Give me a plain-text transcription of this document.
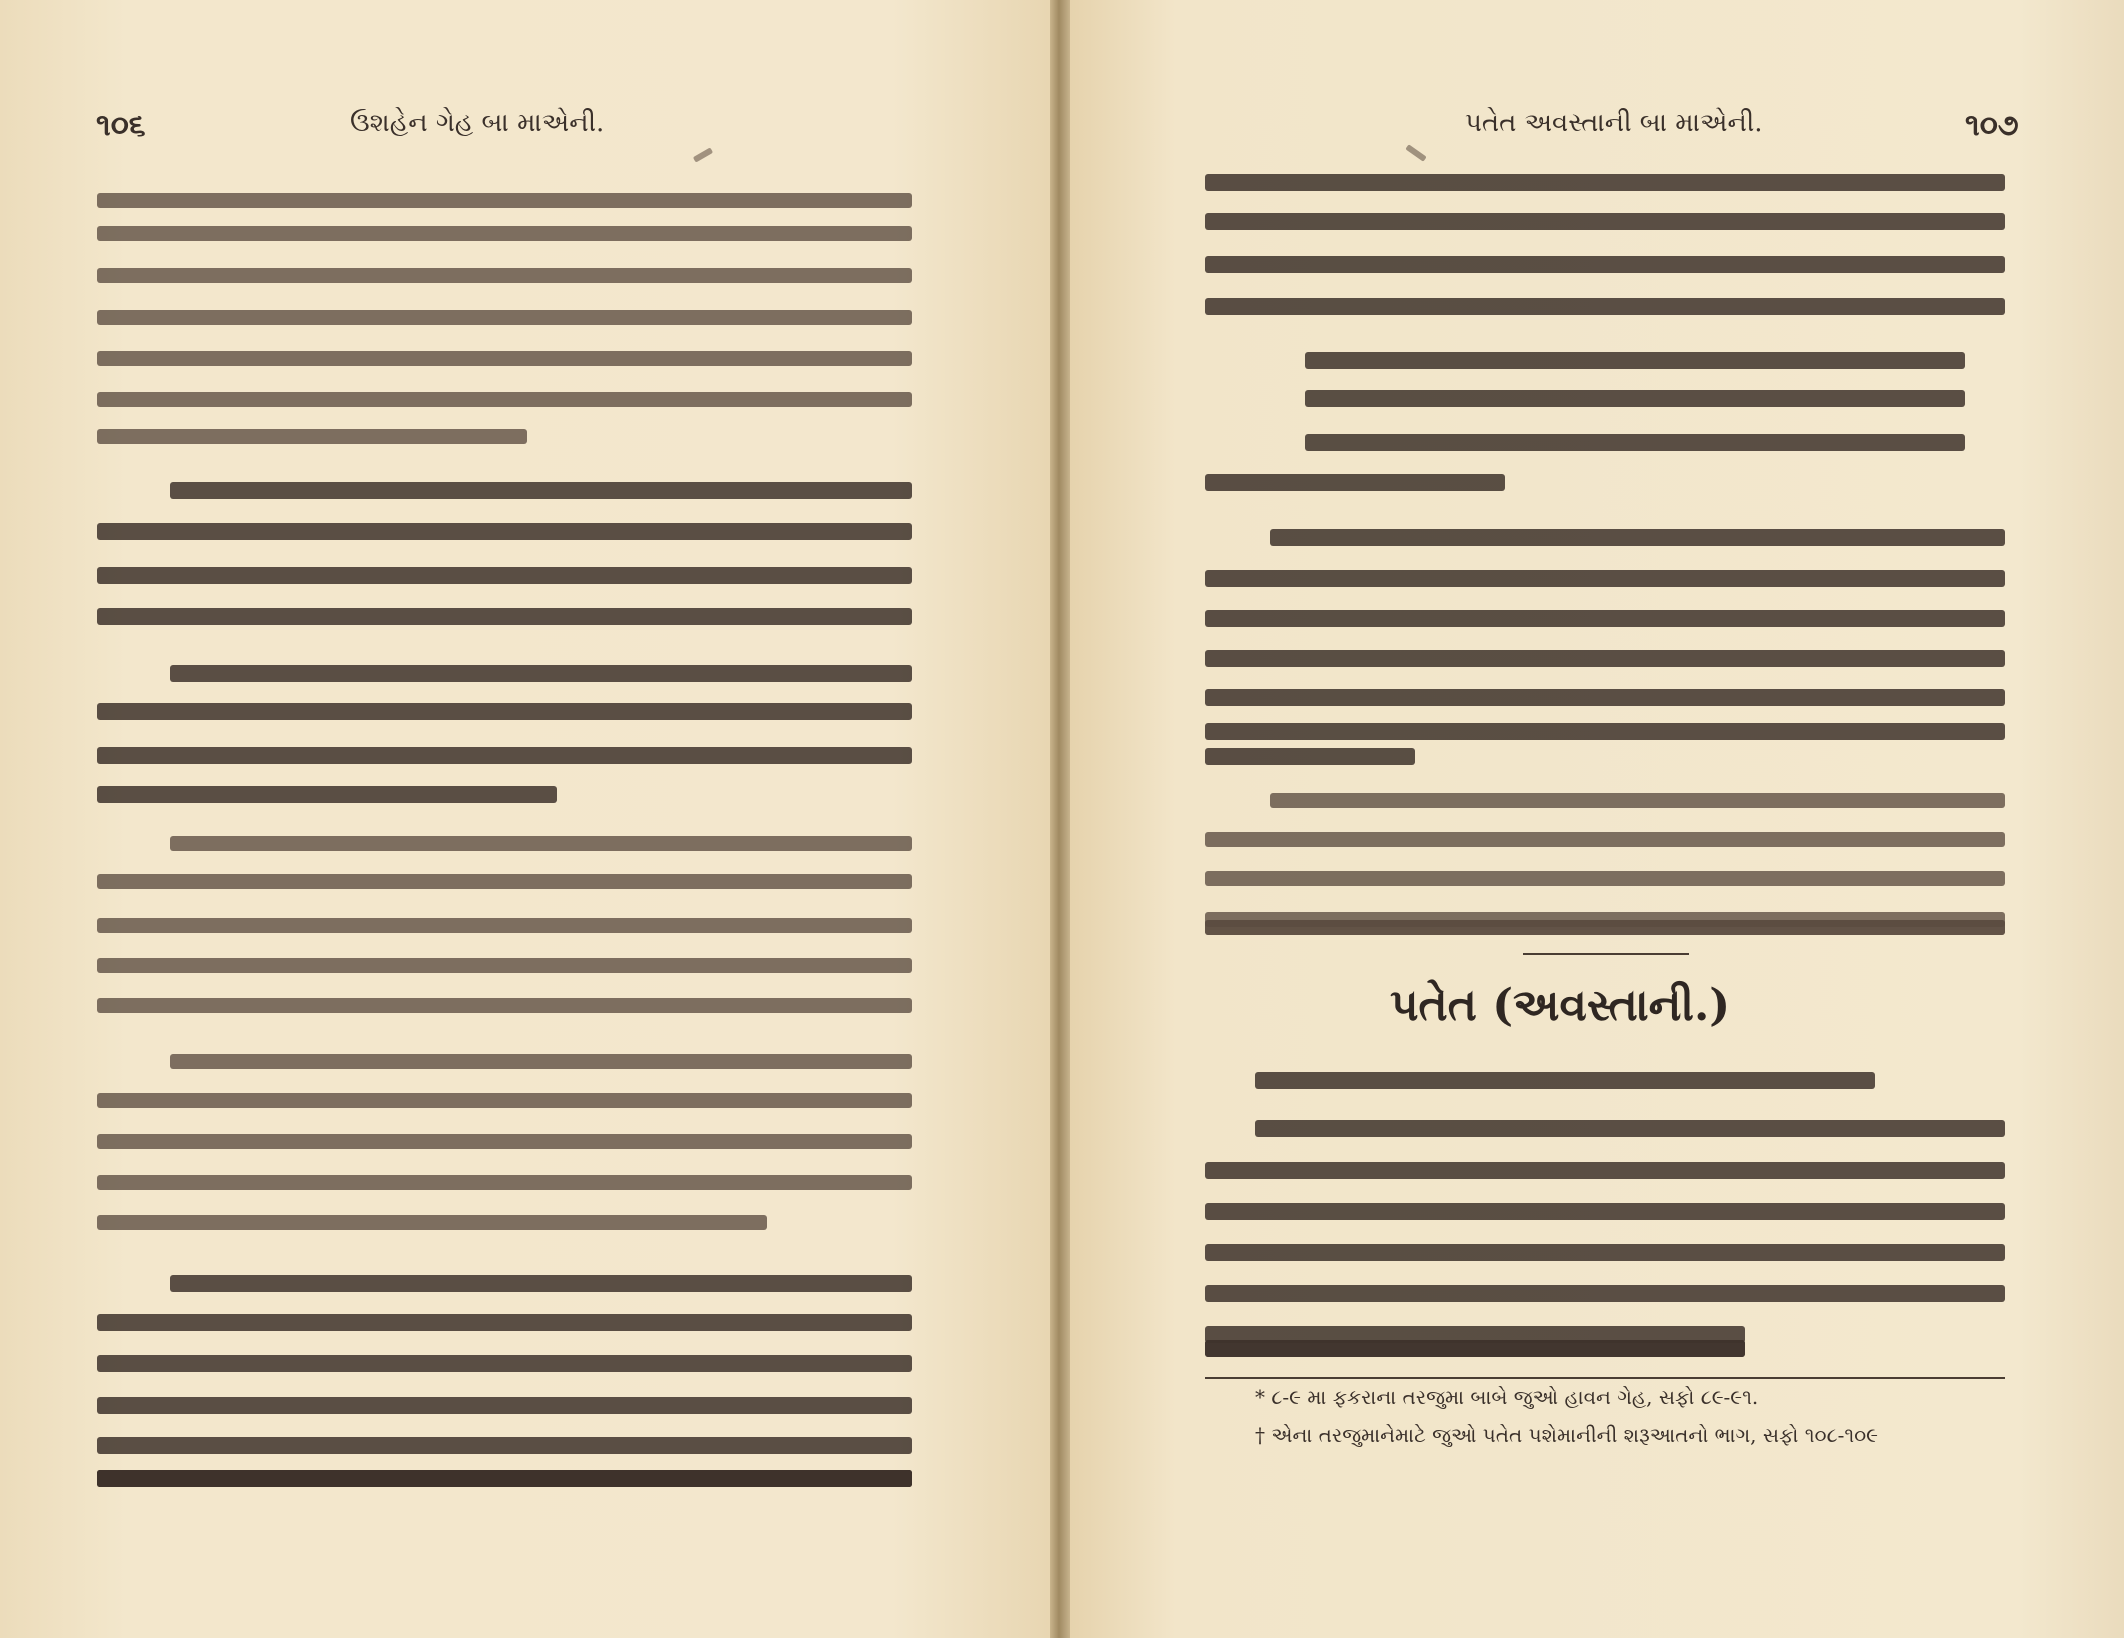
૧૦૬	ઉશહેન ગેહ બા માએની.	પતેત અવસ્તાની બા માએની.	૧૦૭
પતેત (અવસ્તાની.)
* ૮-૯ મા ફકરાના તરજુમા બાબે જુઓ હાવન ગેહ, સફો ૮૯-૯૧.
† એના તરજુમાનેમાટે જુઓ પતેત પશેમાનીની શરૂઆતનો ભાગ, સફો ૧૦૮-૧૦૯
